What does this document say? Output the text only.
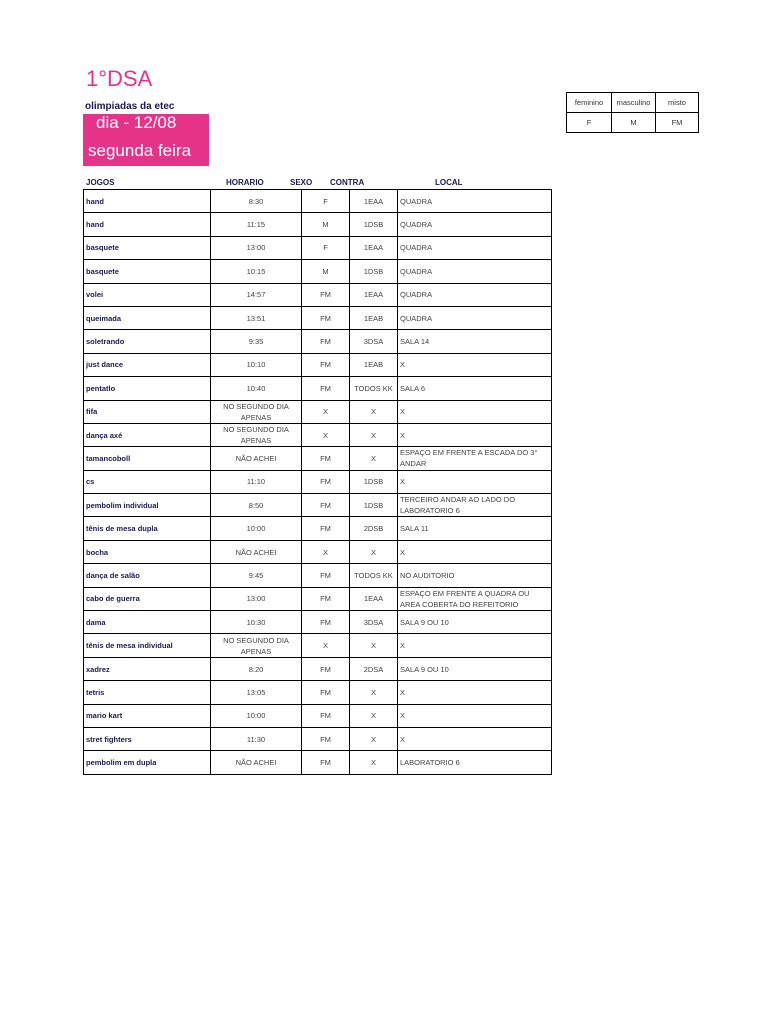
1°DSA
olimpiadas da etec
dia - 12/08
segunda feira
feminino	masculino	misto
F	M	FM
JOGOS	HORARIO	SEXO CONTRA	LOCAL
hand	8:30	F	1EAA	QUADRA

hand	11:15	M	1DSB	QUADRA

basquete	13:00	F	1EAA	QUADRA

basquete	10:15	M	1DSB	QUADRA

volei	14:57	FM	1EAA	QUADRA

queimada	13:51	FM	1EAB	QUADRA

soletrando	9:35	FM	3DSA	SALA 14

just dance	10:10	FM	1EAB	X

pentatlo	10:40	FM	TODOS KK	SALA 6

fifa	NO SEGUNDO DIA APENAS	X	X	X

dança axé	NO SEGUNDO DIA APENAS	X	X	X

tamancoboll	NÃO ACHEI	FM	X	ESPAÇO EM FRENTE A ESCADA DO 3° ANDAR

cs	11:10	FM	1DSB	X

pembolim individual	8:50	FM	1DSB	TERCEIRO ANDAR AO LADO DO LABORATORIO 6

tênis de mesa dupla	10:00	FM	2DSB	SALA 11

bocha	NÃO ACHEI	X	X	X

dança de salão	9:45	FM	TODOS KK	NO AUDITORIO

cabo de guerra	13:00	FM	1EAA	ESPAÇO EM FRENTE A QUADRA OU AREA COBERTA DO REFEITORIO

dama	10:30	FM	3DSA	SALA 9 OU 10

tênis de mesa individual	NO SEGUNDO DIA APENAS	X	X	X

xadrez	8:20	FM	2DSA	SALA 9 OU 10

tetris	13:05	FM	X	X

mario kart	10:00	FM	X	X

stret fighters	11:30	FM	X	X

pembolim em dupla	NÃO ACHEI	FM	X	LABORATORIO 6
